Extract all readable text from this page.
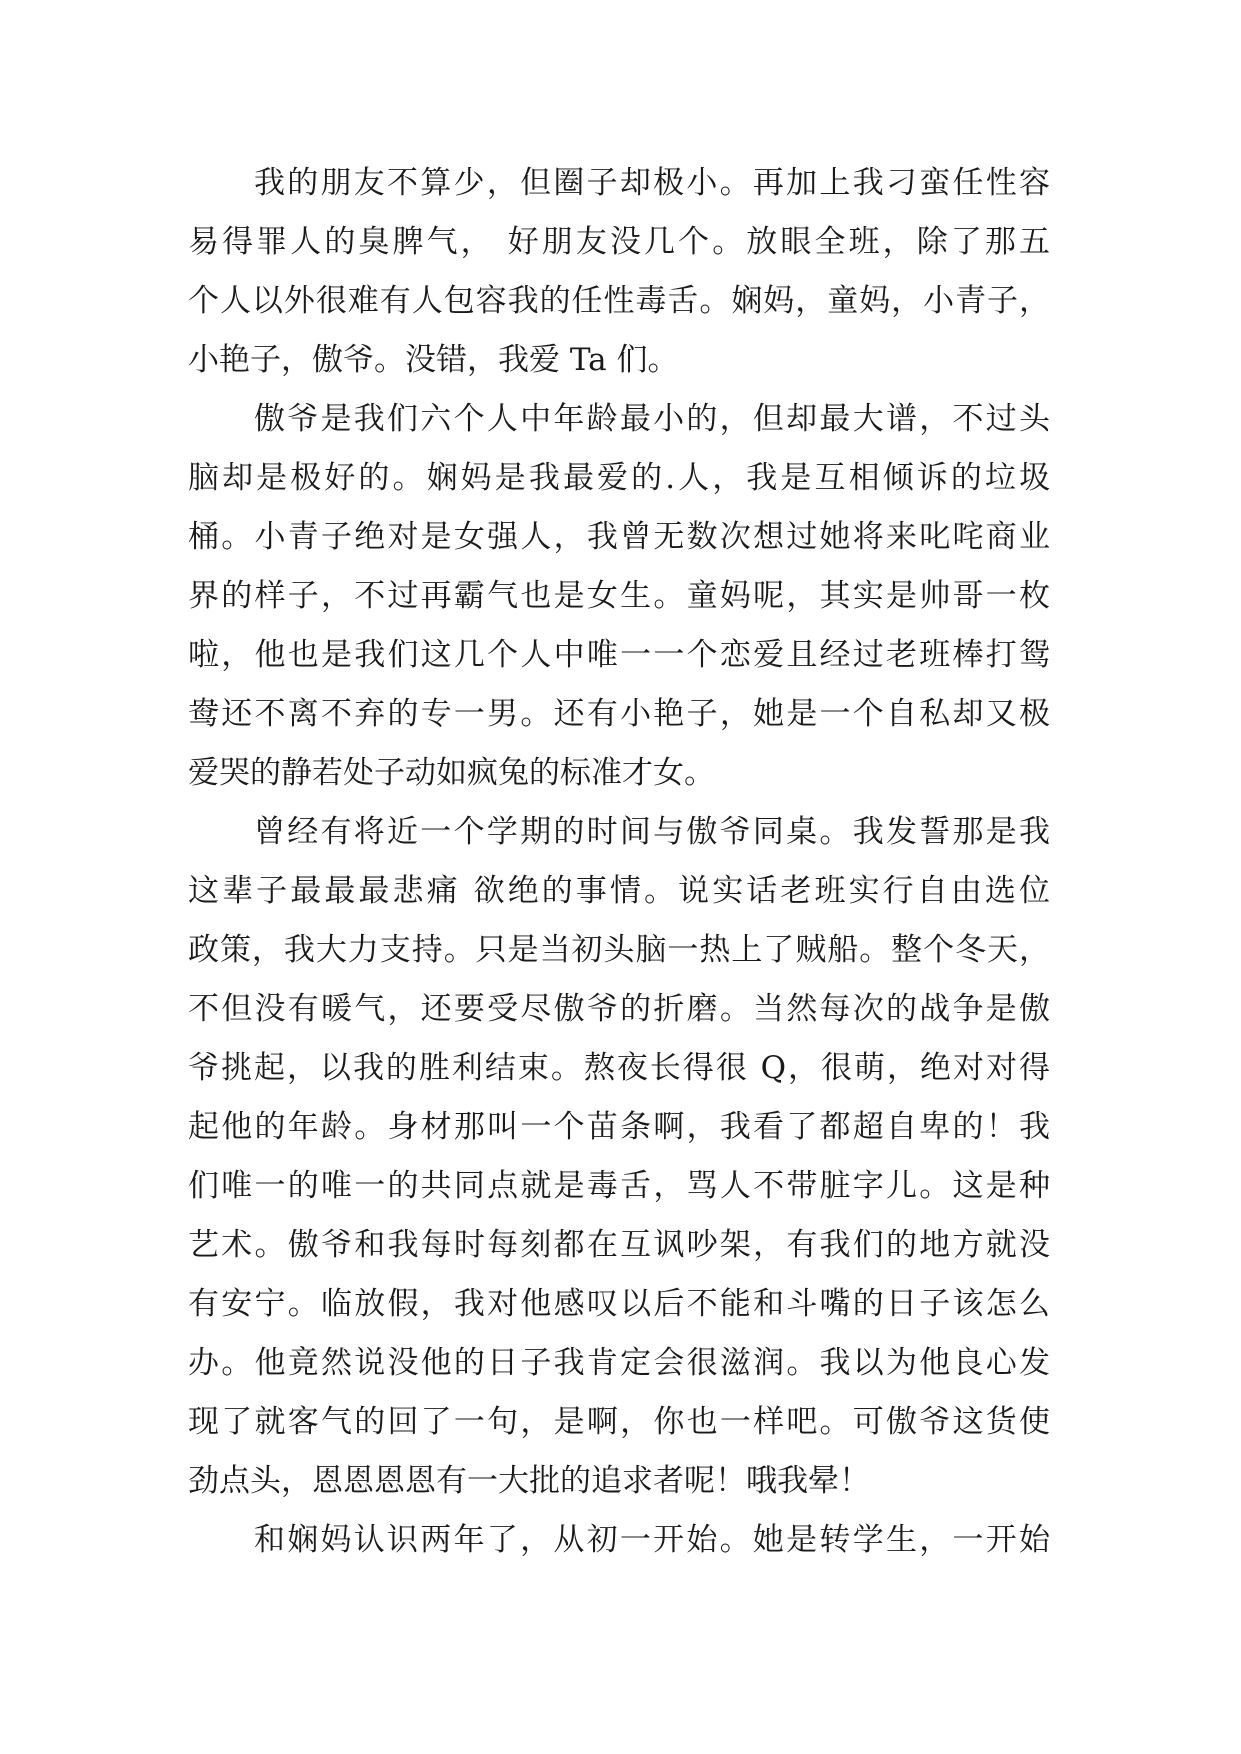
我的朋友不算少，但圈子却极小。再加上我刁蛮任性容
易得罪人的臭脾气， 好朋友没几个。放眼全班，除了那五
个人以外很难有人包容我的任性毒舌。娴妈，童妈，小青子，
小艳子，傲爷。没错，我爱 Ta 们。
傲爷是我们六个人中年龄最小的，但却最大谱，不过头
脑却是极好的。娴妈是我最爱的.人，我是互相倾诉的垃圾
桶。小青子绝对是女强人，我曾无数次想过她将来叱咤商业
界的样子，不过再霸气也是女生。童妈呢，其实是帅哥一枚
啦，他也是我们这几个人中唯一一个恋爱且经过老班棒打鸳
鸯还不离不弃的专一男。还有小艳子，她是一个自私却又极
爱哭的静若处子动如疯兔的标准才女。
曾经有将近一个学期的时间与傲爷同桌。我发誓那是我
这辈子最最最悲痛 欲绝的事情。说实话老班实行自由选位
政策，我大力支持。只是当初头脑一热上了贼船。整个冬天，
不但没有暖气，还要受尽傲爷的折磨。当然每次的战争是傲
爷挑起，以我的胜利结束。熬夜长得很 Q，很萌，绝对对得
起他的年龄。身材那叫一个苗条啊，我看了都超自卑的！我
们唯一的唯一的共同点就是毒舌，骂人不带脏字儿。这是种
艺术。傲爷和我每时每刻都在互讽吵架，有我们的地方就没
有安宁。临放假，我对他感叹以后不能和斗嘴的日子该怎么
办。他竟然说没他的日子我肯定会很滋润。我以为他良心发
现了就客气的回了一句，是啊，你也一样吧。可傲爷这货使
劲点头，恩恩恩恩有一大批的追求者呢！哦我晕！
和娴妈认识两年了，从初一开始。她是转学生，一开始
